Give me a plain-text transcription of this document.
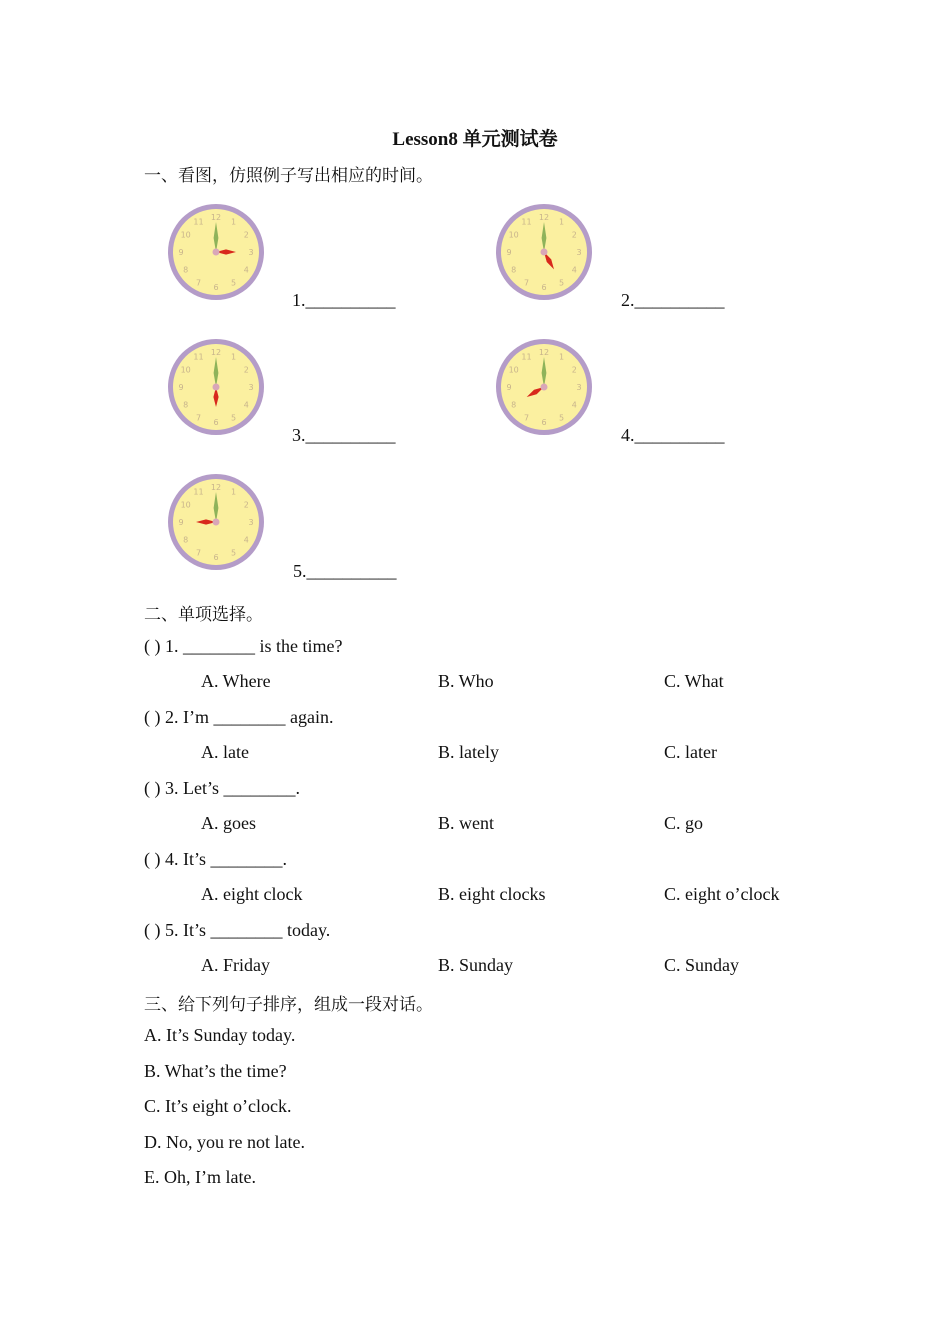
Lesson8 单元测试卷
一、看图，仿照例子写出相应的时间。
1
2
3
4
5
6
7
8
9
10
11
12
1.__________
1
2
3
4
5
6
7
8
9
10
11
12
2.__________
1
2
3
4
5
6
7
8
9
10
11
12
3.__________
1
2
3
4
5
6
7
8
9
10
11
12
4.__________
1
2
3
4
5
6
7
8
9
10
11
12
5.__________
二、单项选择。
( ) 1. ________ is the time?
A. Where	B. Who	C. What
( ) 2. I’m ________ again.
A. late	B. lately	C. later
( ) 3. Let’s ________.
A. goes	B. went	C. go
( ) 4. It’s ________.
A. eight clock	B. eight clocks	C. eight o’clock
( ) 5. It’s ________ today.
A. Friday	B. Sunday	C. Sunday
三、给下列句子排序，组成一段对话。
A. It’s Sunday today.
B. What’s the time?
C. It’s eight o’clock.
D. No, you re not late.
E. Oh, I’m late.
